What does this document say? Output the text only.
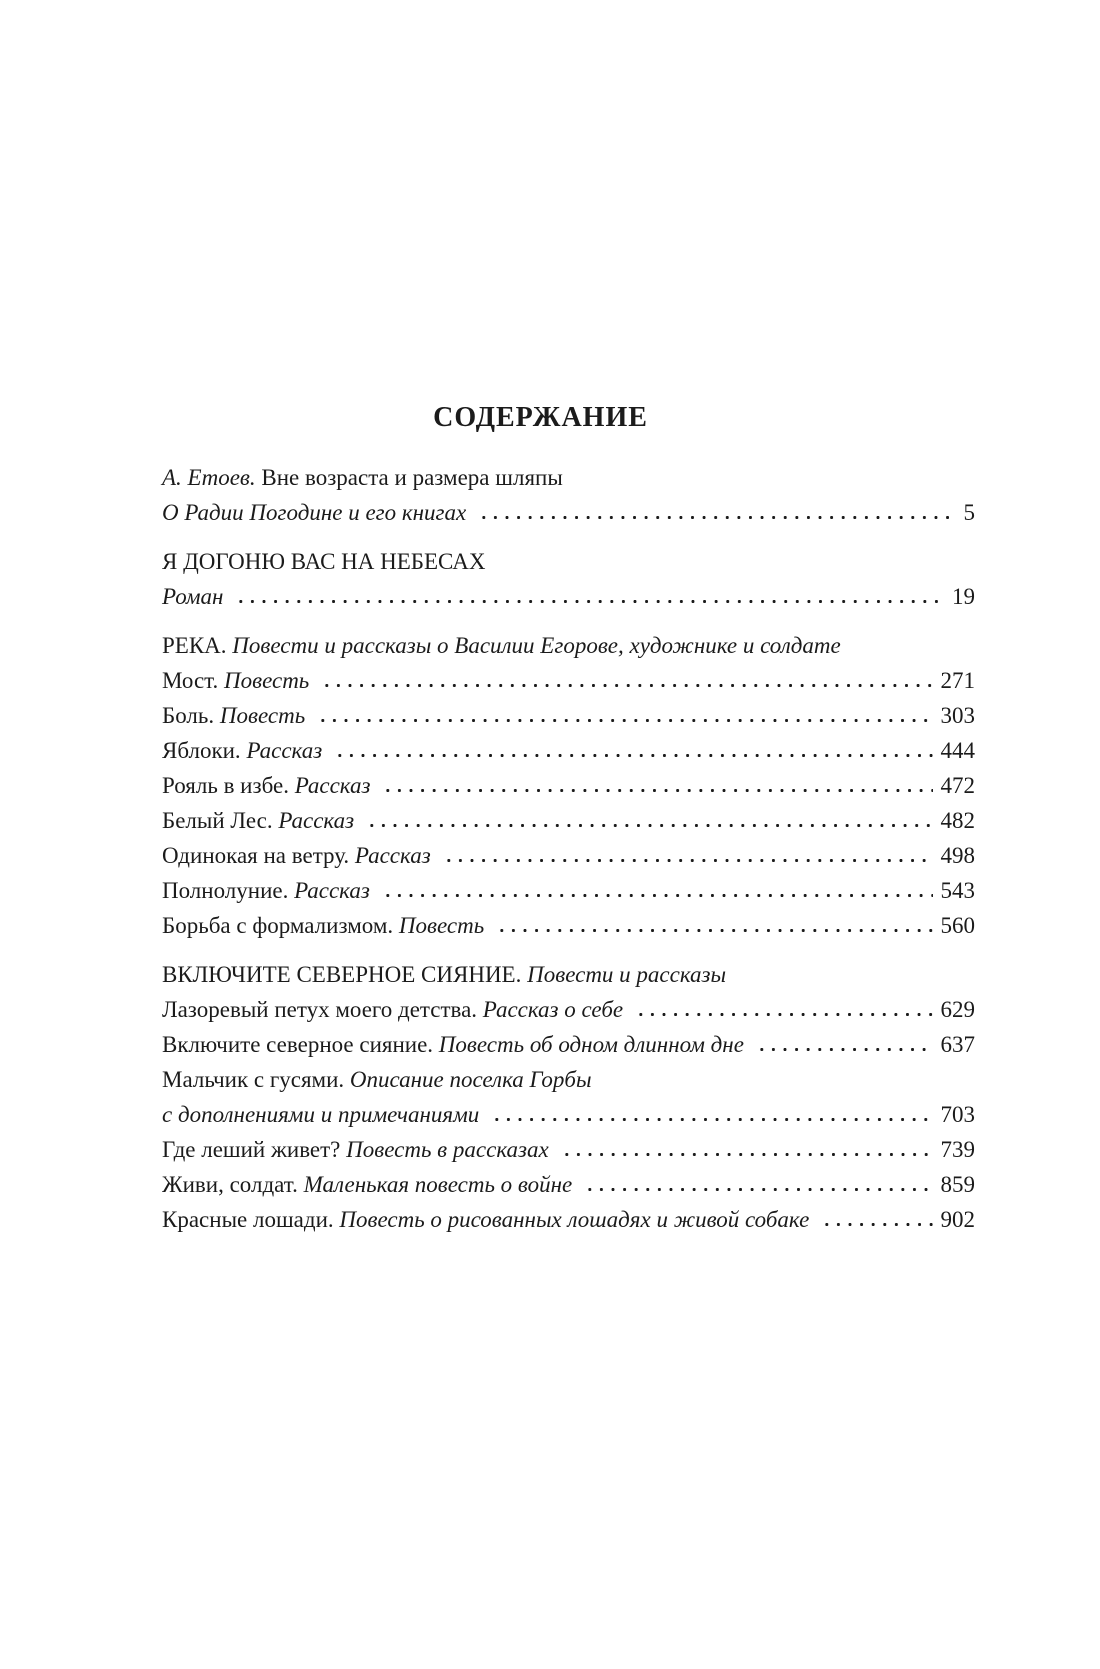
СОДЕРЖАНИЕ
А. Етоев. Вне возраста и размера шляпы
О Радии Погодине и его книгах	5
Я ДОГОНЮ ВАС НА НЕБЕСАХ
Роман	19
РЕКА. Повести и рассказы о Василии Егорове, художнике и солдате
Мост. Повесть	271
Боль. Повесть	303
Яблоки. Рассказ	444
Рояль в избе. Рассказ	472
Белый Лес. Рассказ	482
Одинокая на ветру. Рассказ	498
Полнолуние. Рассказ	543
Борьба с формализмом. Повесть	560
ВКЛЮЧИТЕ СЕВЕРНОЕ СИЯНИЕ. Повести и рассказы
Лазоревый петух моего детства. Рассказ о себе	629
Включите северное сияние. Повесть об одном длинном дне	637
Мальчик с гусями. Описание поселка Горбы
с дополнениями и примечаниями	703
Где леший живет? Повесть в рассказах	739
Живи, солдат. Маленькая повесть о войне	859
Красные лошади. Повесть о рисованных лошадях и живой собаке	902
